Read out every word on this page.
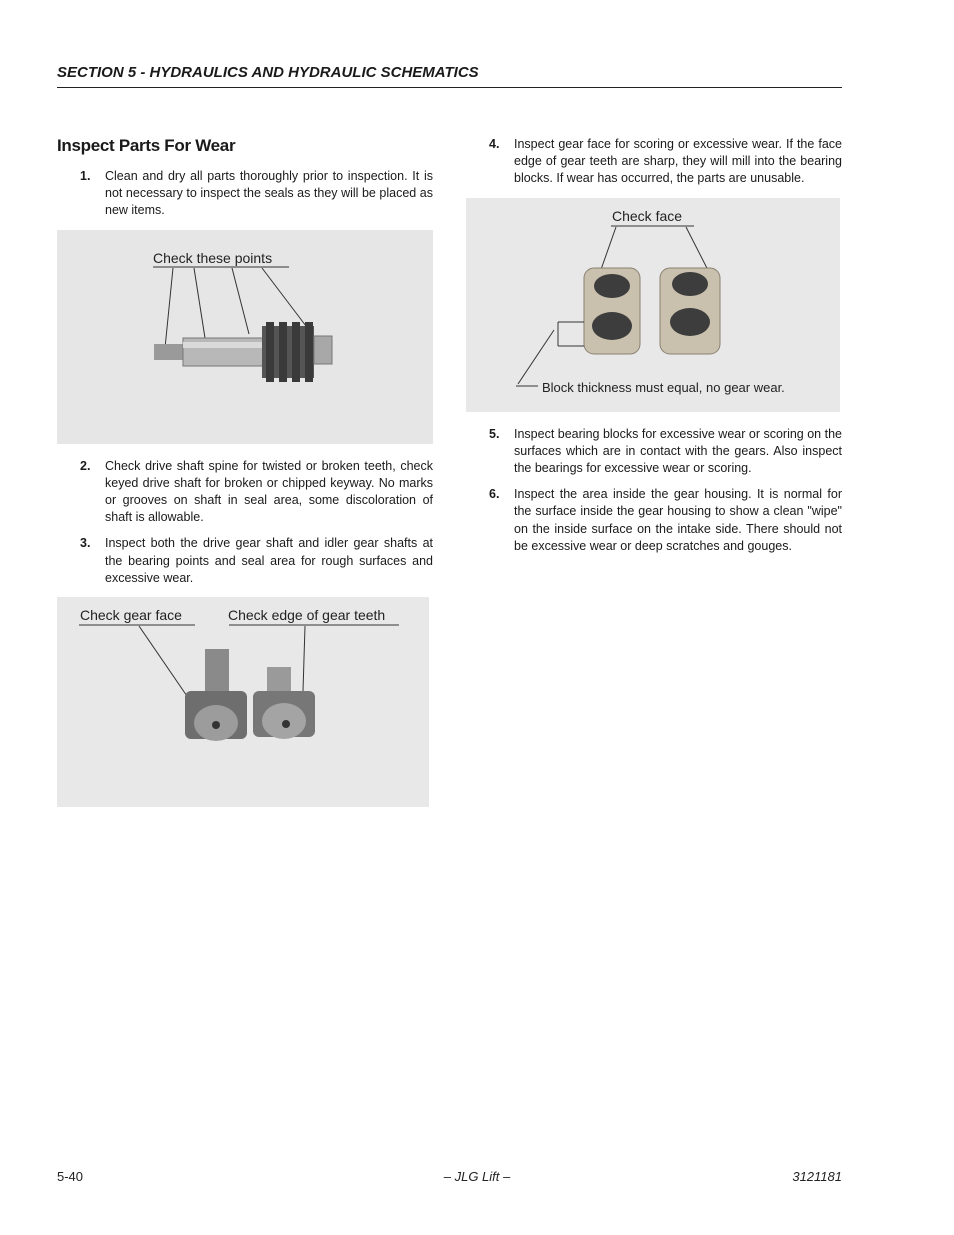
SECTION 5 - HYDRAULICS AND HYDRAULIC SCHEMATICS
Inspect Parts For Wear
1. Clean and dry all parts thoroughly prior to inspection. It is not necessary to inspect the seals as they will be placed as new items.
Check these points
2. Check drive shaft spine for twisted or broken teeth, check keyed drive shaft for broken or chipped keyway. No marks or grooves on shaft in seal area, some discoloration of shaft is allowable.
3. Inspect both the drive gear shaft and idler gear shafts at the bearing points and seal area for rough surfaces and excessive wear.
Check gear face	Check edge of gear teeth
4. Inspect gear face for scoring or excessive wear. If the face edge of gear teeth are sharp, they will mill into the bearing blocks. If wear has occurred, the parts are unusable.
Check face
Block thickness must equal, no gear wear.
5. Inspect bearing blocks for excessive wear or scoring on the surfaces which are in contact with the gears. Also inspect the bearings for excessive wear or scoring.
6. Inspect the area inside the gear housing. It is normal for the surface inside the gear housing to show a clean "wipe" on the inside surface on the intake side. There should not be excessive wear or deep scratches and gouges.
5-40	– JLG Lift –	3121181
